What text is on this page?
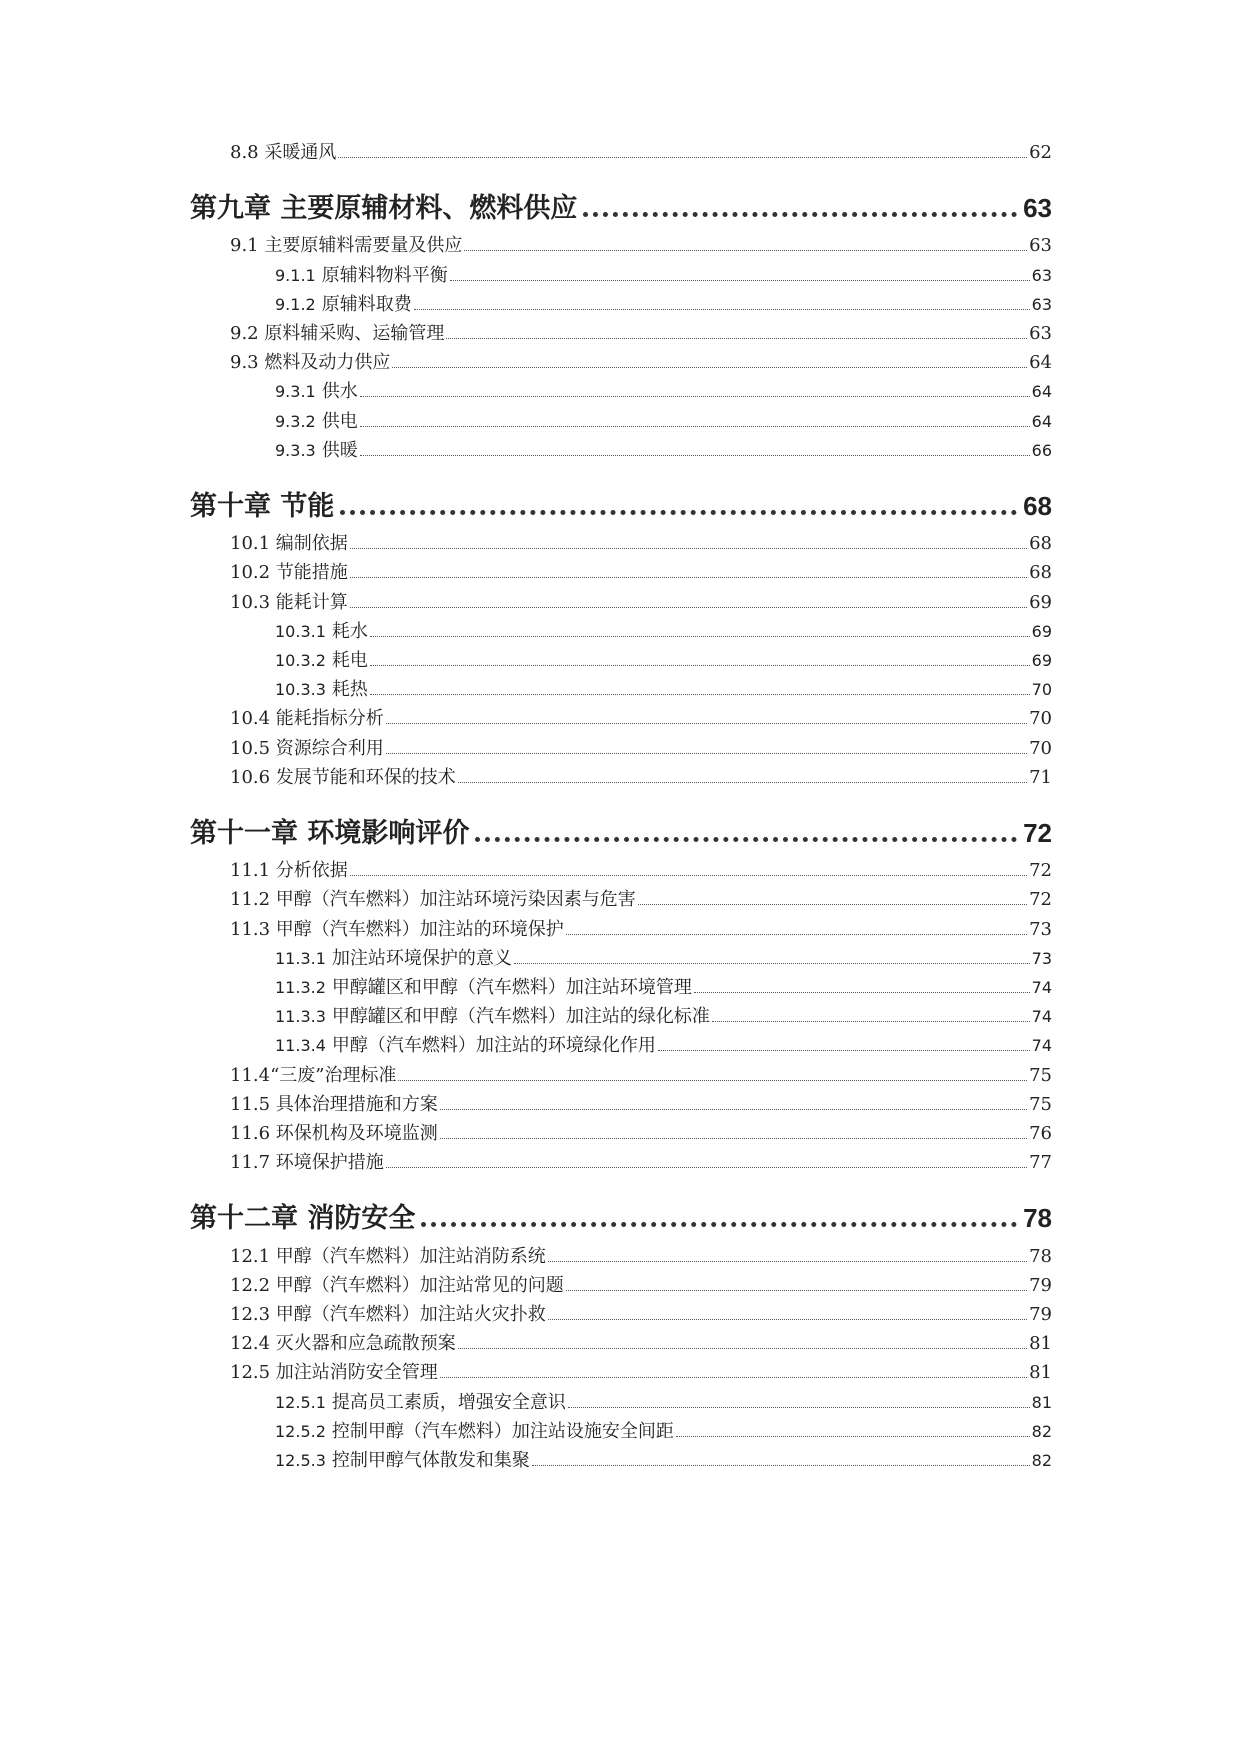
8.8 采暖通风	62
第九章 主要原辅材料、燃料供应	63
9.1 主要原辅料需要量及供应	63
9.1.1 原辅料物料平衡	63
9.1.2 原辅料取费	63
9.2 原料辅采购、运输管理	63
9.3 燃料及动力供应	64
9.3.1 供水	64
9.3.2 供电	64
9.3.3 供暖	66
第十章 节能	68
10.1 编制依据	68
10.2 节能措施	68
10.3 能耗计算	69
10.3.1 耗水	69
10.3.2 耗电	69
10.3.3 耗热	70
10.4 能耗指标分析	70
10.5 资源综合利用	70
10.6 发展节能和环保的技术	71
第十一章 环境影响评价	72
11.1 分析依据	72
11.2 甲醇（汽车燃料）加注站环境污染因素与危害	72
11.3 甲醇（汽车燃料）加注站的环境保护	73
11.3.1 加注站环境保护的意义	73
11.3.2 甲醇罐区和甲醇（汽车燃料）加注站环境管理	74
11.3.3 甲醇罐区和甲醇（汽车燃料）加注站的绿化标准	74
11.3.4 甲醇（汽车燃料）加注站的环境绿化作用	74
11.4“三废”治理标准	75
11.5 具体治理措施和方案	75
11.6 环保机构及环境监测	76
11.7 环境保护措施	77
第十二章 消防安全	78
12.1 甲醇（汽车燃料）加注站消防系统	78
12.2 甲醇（汽车燃料）加注站常见的问题	79
12.3 甲醇（汽车燃料）加注站火灾扑救	79
12.4 灭火器和应急疏散预案	81
12.5 加注站消防安全管理	81
12.5.1 提高员工素质，增强安全意识	81
12.5.2 控制甲醇（汽车燃料）加注站设施安全间距	82
12.5.3 控制甲醇气体散发和集聚	82
